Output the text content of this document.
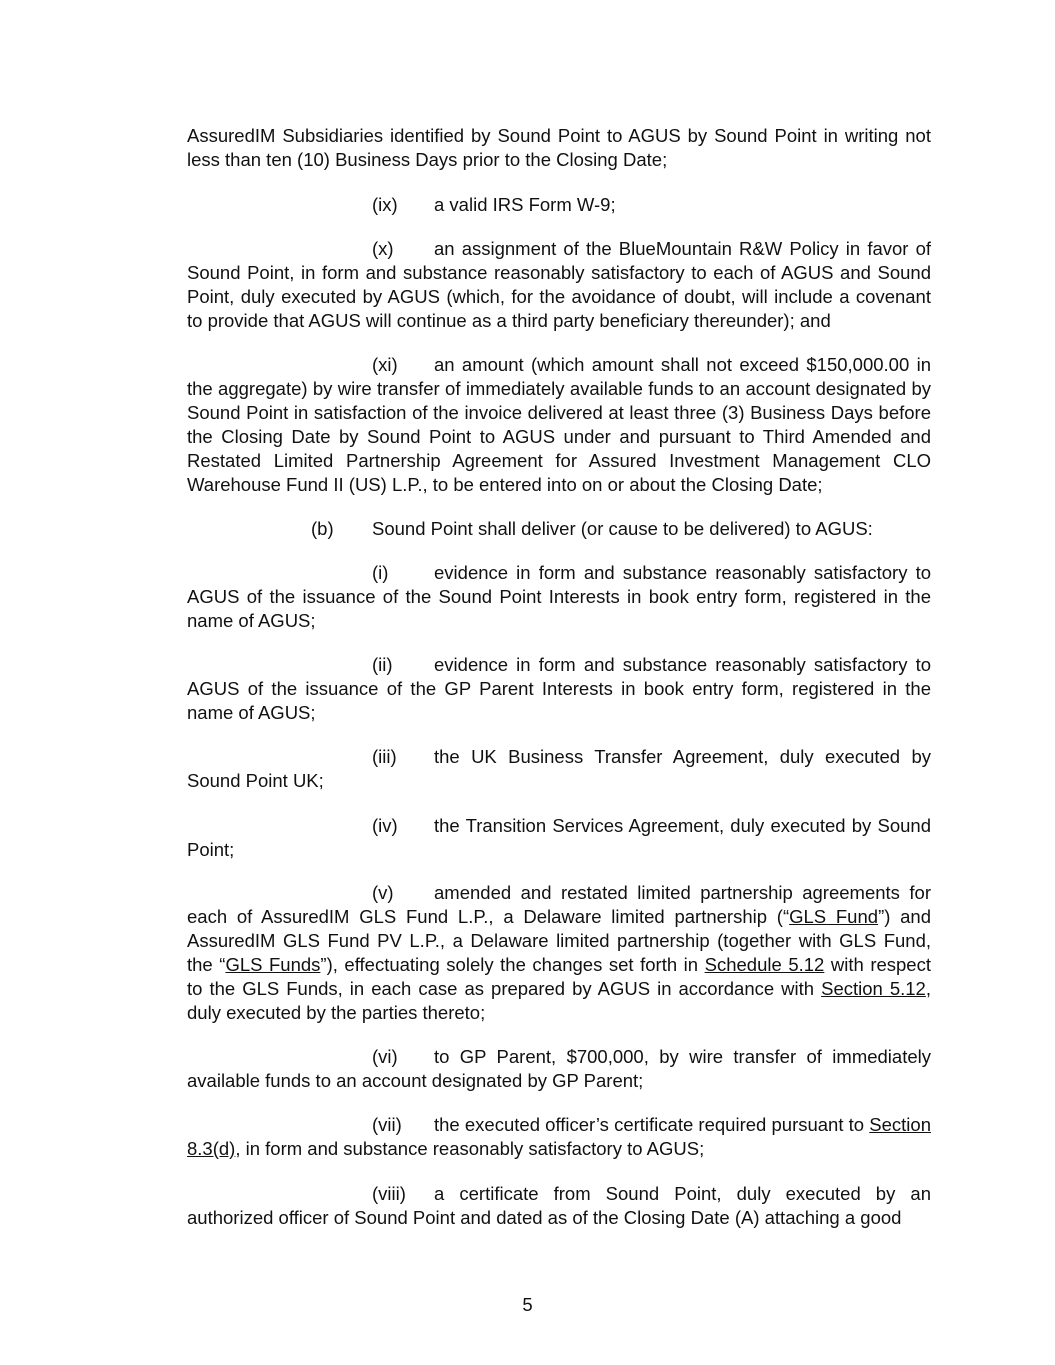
AssuredIM Subsidiaries identified by Sound Point to AGUS by Sound Point in writing not less than ten (10) Business Days prior to the Closing Date;

(ix) a valid IRS Form W-9;

(x) an assignment of the BlueMountain R&W Policy in favor of Sound Point, in form and substance reasonably satisfactory to each of AGUS and Sound Point, duly executed by AGUS (which, for the avoidance of doubt, will include a covenant to provide that AGUS will continue as a third party beneficiary thereunder); and

(xi) an amount (which amount shall not exceed $150,000.00 in the aggregate) by wire transfer of immediately available funds to an account designated by Sound Point in satisfaction of the invoice delivered at least three (3) Business Days before the Closing Date by Sound Point to AGUS under and pursuant to Third Amended and Restated Limited Partnership Agreement for Assured Investment Management CLO Warehouse Fund II (US) L.P., to be entered into on or about the Closing Date;

(b) Sound Point shall deliver (or cause to be delivered) to AGUS:

(i) evidence in form and substance reasonably satisfactory to AGUS of the issuance of the Sound Point Interests in book entry form, registered in the name of AGUS;

(ii) evidence in form and substance reasonably satisfactory to AGUS of the issuance of the GP Parent Interests in book entry form, registered in the name of AGUS;

(iii) the UK Business Transfer Agreement, duly executed by Sound Point UK;

(iv) the Transition Services Agreement, duly executed by Sound Point;

(v) amended and restated limited partnership agreements for each of AssuredIM GLS Fund L.P., a Delaware limited partnership (“GLS Fund”) and AssuredIM GLS Fund PV L.P., a Delaware limited partnership (together with GLS Fund, the “GLS Funds”), effectuating solely the changes set forth in Schedule 5.12 with respect to the GLS Funds, in each case as prepared by AGUS in accordance with Section 5.12, duly executed by the parties thereto;

(vi) to GP Parent, $700,000, by wire transfer of immediately available funds to an account designated by GP Parent;

(vii) the executed officer’s certificate required pursuant to Section 8.3(d), in form and substance reasonably satisfactory to AGUS;

(viii) a certificate from Sound Point, duly executed by an authorized officer of Sound Point and dated as of the Closing Date (A) attaching a good

5
